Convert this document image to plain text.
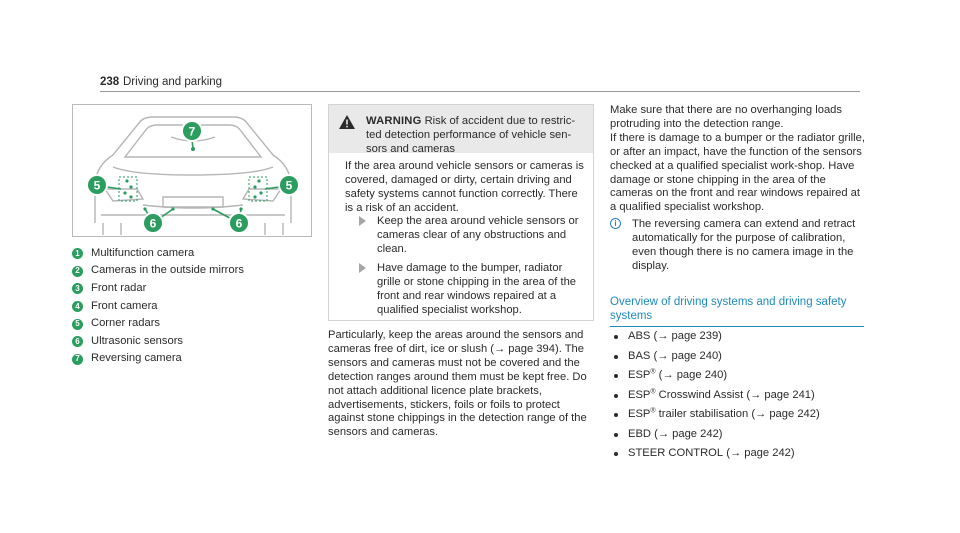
238 Driving and parking
7
5	5
6	6
1 Multifunction camera
2 Cameras in the outside mirrors
3 Front radar
4 Front camera
5 Corner radars
6 Ultrasonic sensors
7 Reversing camera
WARNING Risk of accident due to restric-ted detection performance of vehicle sen-sors and cameras
If the area around vehicle sensors or cameras is covered, damaged or dirty, certain driving and safety systems cannot function correctly. There is a risk of an accident.
Keep the area around vehicle sensors or cameras clear of any obstructions and clean.
Have damage to the bumper, radiator grille or stone chipping in the area of the front and rear windows repaired at a qualified specialist workshop.
Particularly, keep the areas around the sensors and cameras free of dirt, ice or slush (→ page 394). The sensors and cameras must not be covered and the detection ranges around them must be kept free. Do not attach additional licence plate brackets, advertisements, stickers, foils or foils to protect against stone chippings in the detection range of the sensors and cameras.
Make sure that there are no overhanging loads protruding into the detection range.
If there is damage to a bumper or the radiator grille, or after an impact, have the function of the sensors checked at a qualified specialist work-shop. Have damage or stone chipping in the area of the cameras on the front and rear windows repaired at a qualified specialist workshop.
i	The reversing camera can extend and retract automatically for the purpose of calibration, even though there is no camera image in the display.
Overview of driving systems and driving safety systems
ABS (→ page 239)
BAS (→ page 240)
ESP® (→ page 240)
ESP® Crosswind Assist (→ page 241)
ESP® trailer stabilisation (→ page 242)
EBD (→ page 242)
STEER CONTROL (→ page 242)
